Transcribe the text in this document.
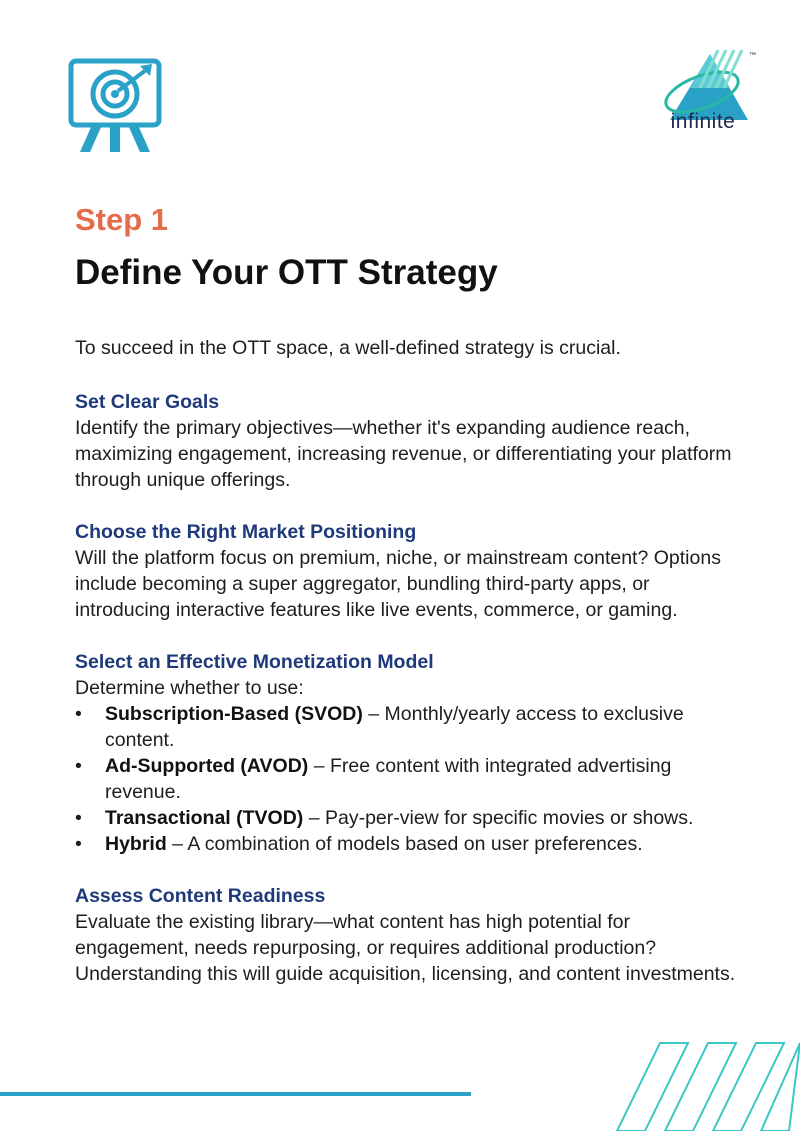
infinite
™
Step 1
Define Your OTT Strategy

To succeed in the OTT space, a well-defined strategy is crucial.

Set Clear Goals

Identify the primary objectives—whether it's expanding audience reach, maximizing engagement, increasing revenue, or differentiating your platform through unique offerings.

Choose the Right Market Positioning

Will the platform focus on premium, niche, or mainstream content? Options include becoming a super aggregator, bundling third-party apps, or introducing interactive features like live events, commerce, or gaming.

Select an Effective Monetization Model

Determine whether to use:

• Subscription-Based (SVOD) – Monthly/yearly access to exclusive content.
• Ad-Supported (AVOD) – Free content with integrated advertising revenue.
• Transactional (TVOD) – Pay-per-view for specific movies or shows.
• Hybrid – A combination of models based on user preferences.
Assess Content Readiness

Evaluate the existing library—what content has high potential for engagement, needs repurposing, or requires additional production? Understanding this will guide acquisition, licensing, and content investments.
